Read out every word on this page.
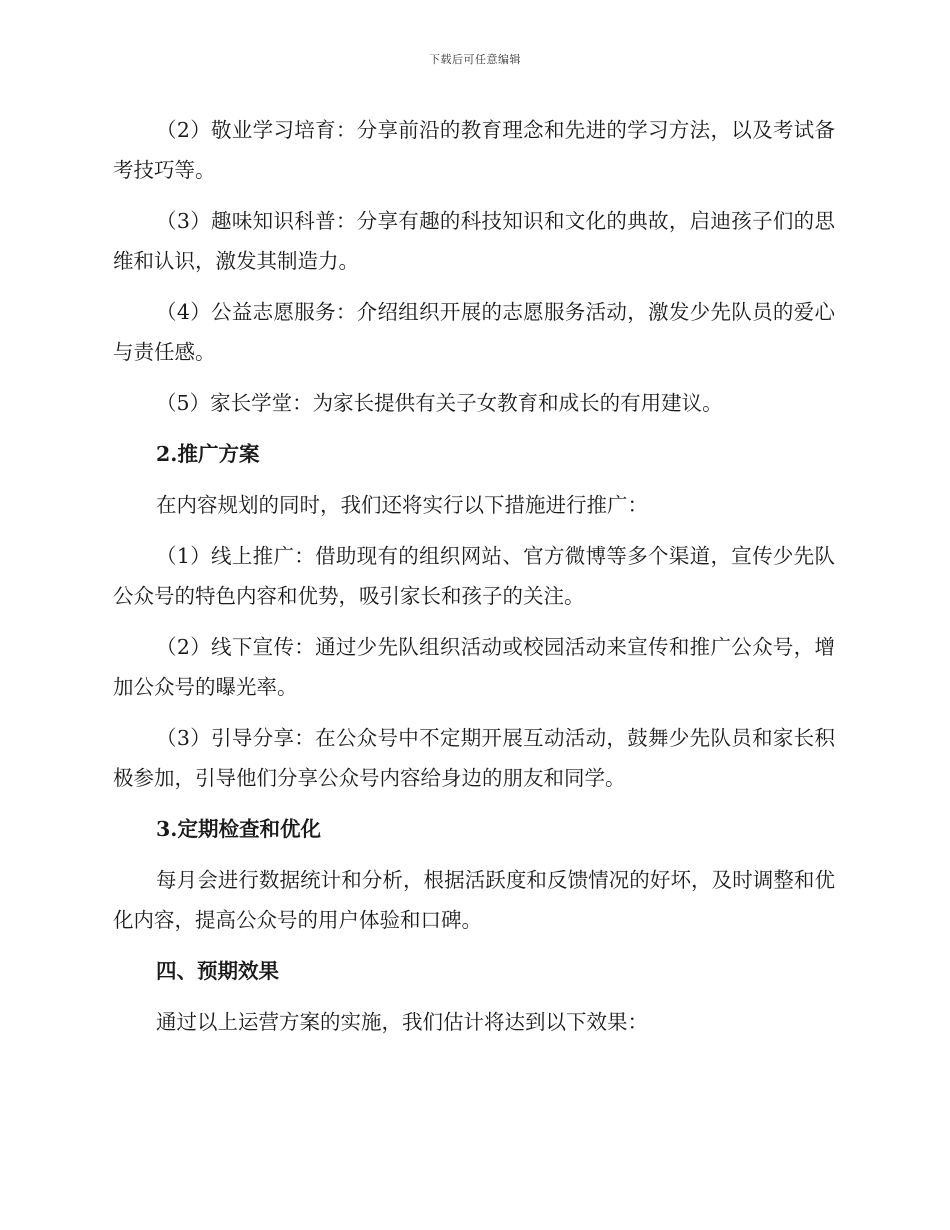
下载后可任意编辑

（2）敬业学习培育：分享前沿的教育理念和先进的学习方法，以及考试备考技巧等。

（3）趣味知识科普：分享有趣的科技知识和文化的典故，启迪孩子们的思维和认识，激发其制造力。

（4）公益志愿服务：介绍组织开展的志愿服务活动，激发少先队员的爱心与责任感。

（5）家长学堂：为家长提供有关子女教育和成长的有用建议。

2.推广方案

在内容规划的同时，我们还将实行以下措施进行推广：

（1）线上推广：借助现有的组织网站、官方微博等多个渠道，宣传少先队公众号的特色内容和优势，吸引家长和孩子的关注。

（2）线下宣传：通过少先队组织活动或校园活动来宣传和推广公众号，增加公众号的曝光率。

（3）引导分享：在公众号中不定期开展互动活动，鼓舞少先队员和家长积极参加，引导他们分享公众号内容给身边的朋友和同学。

3.定期检查和优化

每月会进行数据统计和分析，根据活跃度和反馈情况的好坏，及时调整和优化内容，提高公众号的用户体验和口碑。

四、预期效果

通过以上运营方案的实施，我们估计将达到以下效果：
